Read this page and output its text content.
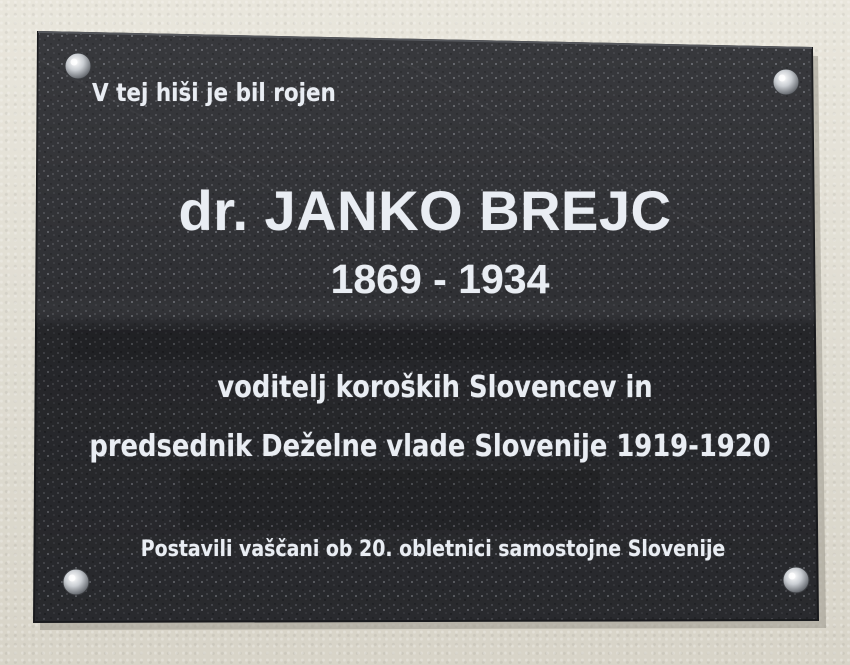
V tej hiši je bil rojen
dr. JANKO BREJC
1869 - 1934
voditelj koroških Slovencev in
predsednik Deželne vlade Slovenije 1919-1920
Postavili vaščani ob 20. obletnici samostojne Slovenije
